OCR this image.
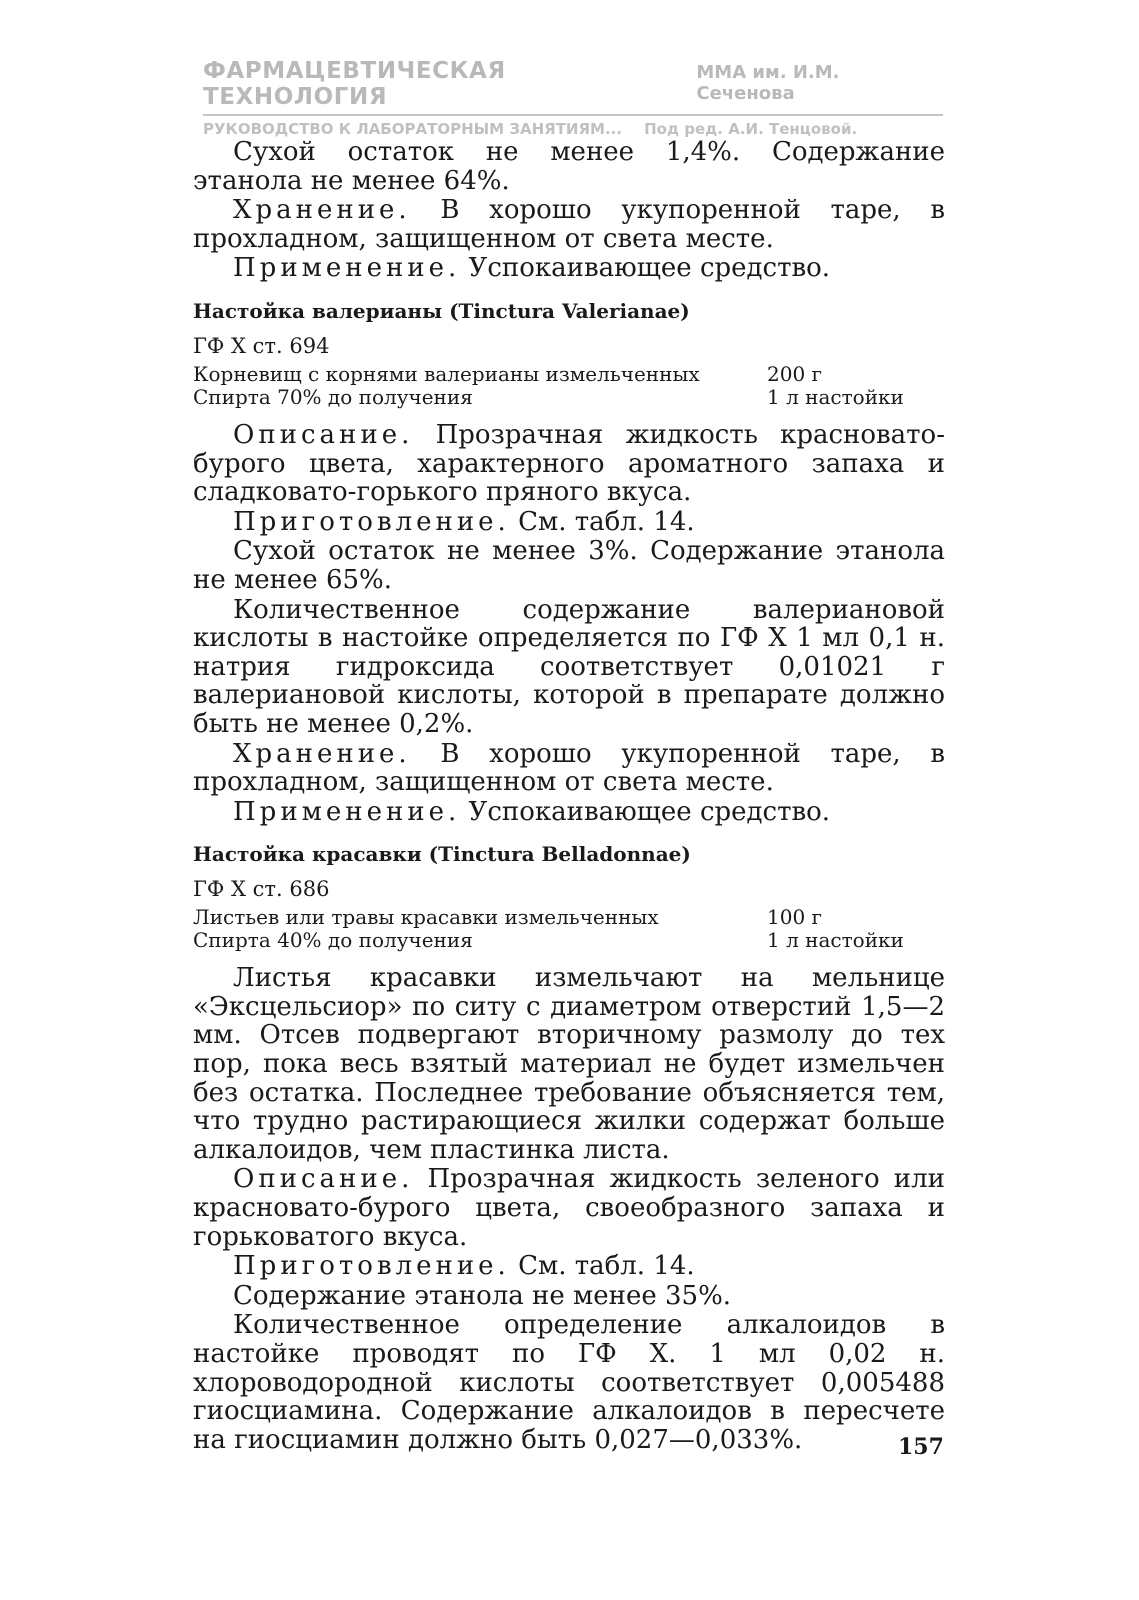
ФАРМАЦЕВТИЧЕСКАЯ ТЕХНОЛОГИЯ
ММА им. И.М. Сеченова
РУКОВОДСТВО К ЛАБОРАТОРНЫМ ЗАНЯТИЯМ... Под ред. А.И. Тенцовой.

Сухой остаток не менее 1,4%. Содержание этанола не менее 64%.

Хранение. В хорошо укупоренной таре, в прохладном, защищенном от света месте.

Применение. Успокаивающее средство.

Настойка валерианы (Tinctura Valerianae)
ГФ Х ст. 694
Корневищ с корнями валерианы измельченных	200 г
Спирта 70% до получения	1 л настойки

Описание. Прозрачная жидкость красновато-бурого цвета, характерного ароматного запаха и сладковато-горького пряного вкуса.

Приготовление. См. табл. 14.

Сухой остаток не менее 3%. Содержание этанола не менее 65%.

Количественное содержание валериановой кислоты в настойке определяется по ГФ Х 1 мл 0,1 н. натрия гидроксида соответствует 0,01021 г валериановой кислоты, которой в препарате должно быть не менее 0,2%.

Хранение. В хорошо укупоренной таре, в прохладном, защищенном от света месте.

Применение. Успокаивающее средство.

Настойка красавки (Tinctura Belladonnae)
ГФ Х ст. 686
Листьев или травы красавки измельченных	100 г
Спирта 40% до получения	1 л настойки

Листья красавки измельчают на мельнице «Эксцельсиор» по ситу с диаметром отверстий 1,5—2 мм. Отсев подвергают вторичному размолу до тех пор, пока весь взятый материал не будет измельчен без остатка. Последнее требование объясняется тем, что трудно растирающиеся жилки содержат больше алкалоидов, чем пластинка листа.

Описание. Прозрачная жидкость зеленого или красновато-бурого цвета, своеобразного запаха и горьковатого вкуса.

Приготовление. См. табл. 14.

Содержание этанола не менее 35%.

Количественное определение алкалоидов в настойке проводят по ГФ Х. 1 мл 0,02 н. хлороводородной кислоты соответствует 0,005488 гиосциамина. Содержание алкалоидов в пересчете на гиосциамин должно быть 0,027—0,033%.	157
